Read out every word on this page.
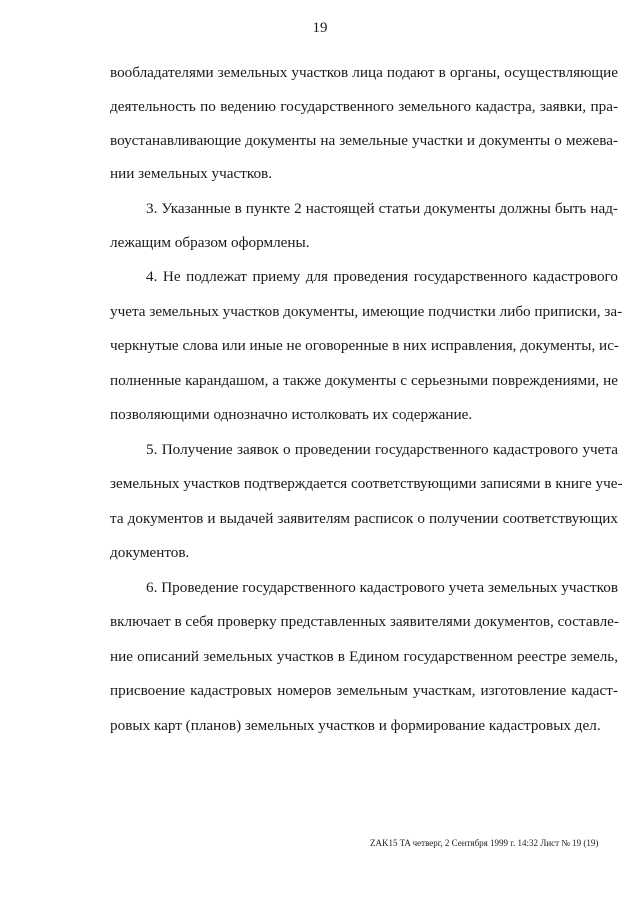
19
вообладателями земельных участков лица подают в органы, осуществляющие
деятельность по ведению государственного земельного кадастра, заявки, пра-
воустанавливающие документы на земельные участки и документы о межева-
нии земельных участков.
3. Указанные в пункте 2 настоящей статьи документы должны быть над-
лежащим образом оформлены.
4. Не подлежат приему для проведения государственного кадастрового
учета земельных участков документы, имеющие подчистки либо приписки, за-
черкнутые слова или иные не оговоренные в них исправления, документы, ис-
полненные карандашом, а также документы с серьезными повреждениями, не
позволяющими однозначно истолковать их содержание.
5. Получение заявок о проведении государственного кадастрового учета
земельных участков подтверждается соответствующими записями в книге уче-
та документов и выдачей заявителям расписок о получении соответствующих
документов.
6. Проведение государственного кадастрового учета земельных участков
включает в себя проверку представленных заявителями документов, составле-
ние описаний земельных участков в Едином государственном реестре земель,
присвоение кадастровых номеров земельным участкам, изготовление кадаст-
ровых карт (планов) земельных участков и формирование кадастровых дел.
ZAK15 TA четверг, 2 Сентября 1999 г. 14:32 Лист № 19 (19)
